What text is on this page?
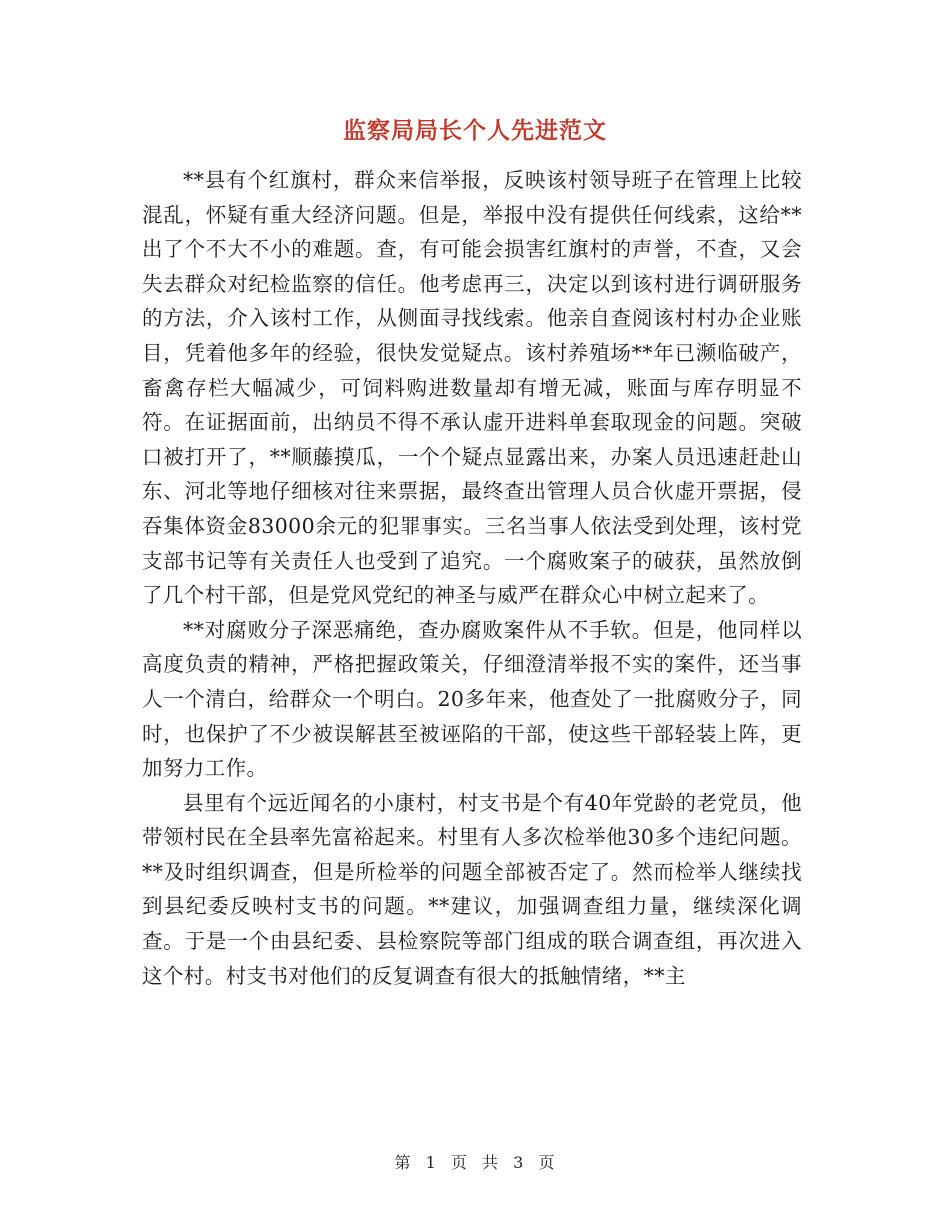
监察局局长个人先进范文

**县有个红旗村，群众来信举报，反映该村领导班子在管理上比较混乱，怀疑有重大经济问题。但是，举报中没有提供任何线索，这给**出了个不大不小的难题。查，有可能会损害红旗村的声誉，不查，又会失去群众对纪检监察的信任。他考虑再三，决定以到该村进行调研服务的方法，介入该村工作，从侧面寻找线索。他亲自查阅该村村办企业账目，凭着他多年的经验，很快发觉疑点。该村养殖场**年已濒临破产，畜禽存栏大幅减少，可饲料购进数量却有增无减，账面与库存明显不符。在证据面前，出纳员不得不承认虚开进料单套取现金的问题。突破口被打开了，**顺藤摸瓜，一个个疑点显露出来，办案人员迅速赶赴山东、河北等地仔细核对往来票据，最终查出管理人员合伙虚开票据，侵吞集体资金83000余元的犯罪事实。三名当事人依法受到处理，该村党支部书记等有关责任人也受到了追究。一个腐败案子的破获，虽然放倒了几个村干部，但是党风党纪的神圣与威严在群众心中树立起来了。

**对腐败分子深恶痛绝，查办腐败案件从不手软。但是，他同样以高度负责的精神，严格把握政策关，仔细澄清举报不实的案件，还当事人一个清白，给群众一个明白。20多年来，他查处了一批腐败分子，同时，也保护了不少被误解甚至被诬陷的干部，使这些干部轻装上阵，更加努力工作。

县里有个远近闻名的小康村，村支书是个有40年党龄的老党员，他带领村民在全县率先富裕起来。村里有人多次检举他30多个违纪问题。**及时组织调查，但是所检举的问题全部被否定了。然而检举人继续找到县纪委反映村支书的问题。**建议，加强调查组力量，继续深化调查。于是一个由县纪委、县检察院等部门组成的联合调查组，再次进入这个村。村支书对他们的反复调查有很大的抵触情绪，**主

第 1 页 共 3 页
